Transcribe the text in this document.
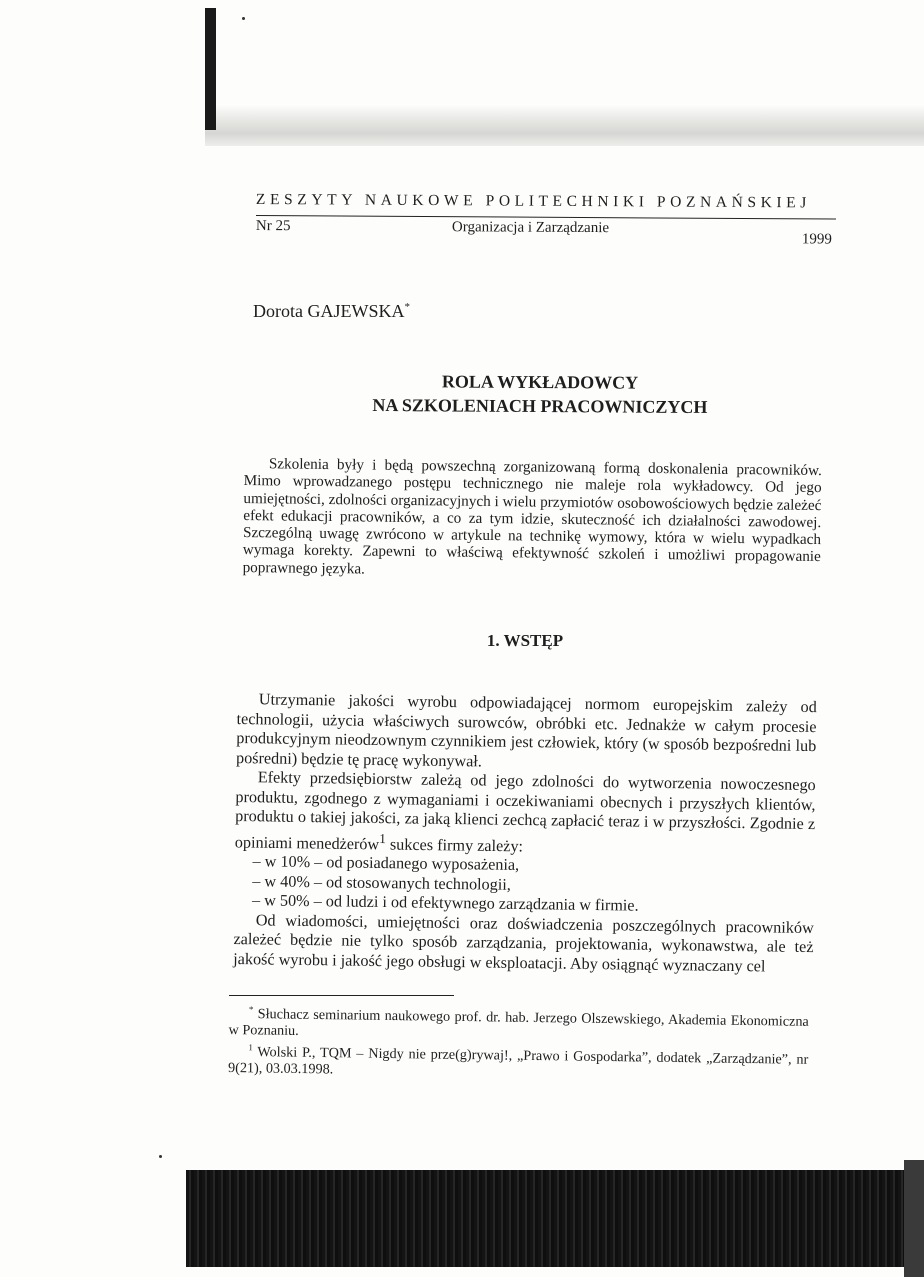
ZESZYTY NAUKOWE POLITECHNIKI POZNAŃSKIEJ
Nr 25	Organizacja i Zarządzanie
1999
Dorota GAJEWSKA*
ROLA WYKŁADOWCY
NA SZKOLENIACH PRACOWNICZYCH

Szkolenia były i będą powszechną zorganizowaną formą doskonalenia pracowników. Mimo wprowadzanego postępu technicznego nie maleje rola wykładowcy. Od jego umiejętności, zdolności organizacyjnych i wielu przymiotów osobowościowych będzie zależeć efekt edukacji pracowników, a co za tym idzie, skuteczność ich działalności zawodowej. Szczególną uwagę zwrócono w artykule na technikę wymowy, która w wielu wypadkach wymaga korekty. Zapewni to właściwą efektywność szkoleń i umożliwi propagowanie poprawnego języka.

1. WSTĘP

Utrzymanie jakości wyrobu odpowiadającej normom europejskim zależy od technologii, użycia właściwych surowców, obróbki etc. Jednakże w całym procesie produkcyjnym nieodzownym czynnikiem jest człowiek, który (w sposób bezpośredni lub pośredni) będzie tę pracę wykonywał.

Efekty przedsiębiorstw zależą od jego zdolności do wytworzenia nowoczesnego produktu, zgodnego z wymaganiami i oczekiwaniami obecnych i przyszłych klientów, produktu o takiej jakości, za jaką klienci zechcą zapłacić teraz i w przyszłości. Zgodnie z opiniami menedżerów$^1$ sukces firmy zależy:

– w 10% – od posiadanego wyposażenia,
– w 40% – od stosowanych technologii,
– w 50% – od ludzi i od efektywnego zarządzania w firmie.

Od wiadomości, umiejętności oraz doświadczenia poszczególnych pracowników zależeć będzie nie tylko sposób zarządzania, projektowania, wykonawstwa, ale też jakość wyrobu i jakość jego obsługi w eksploatacji. Aby osiągnąć wyznaczany cel

* Słuchacz seminarium naukowego prof. dr. hab. Jerzego Olszewskiego, Akademia Ekonomiczna w Poznaniu.

$^1$ Wolski P., TQM – Nigdy nie prze(g)rywaj!, „Prawo i Gospodarka”, dodatek „Zarządzanie”, nr 9(21), 03.03.1998.
